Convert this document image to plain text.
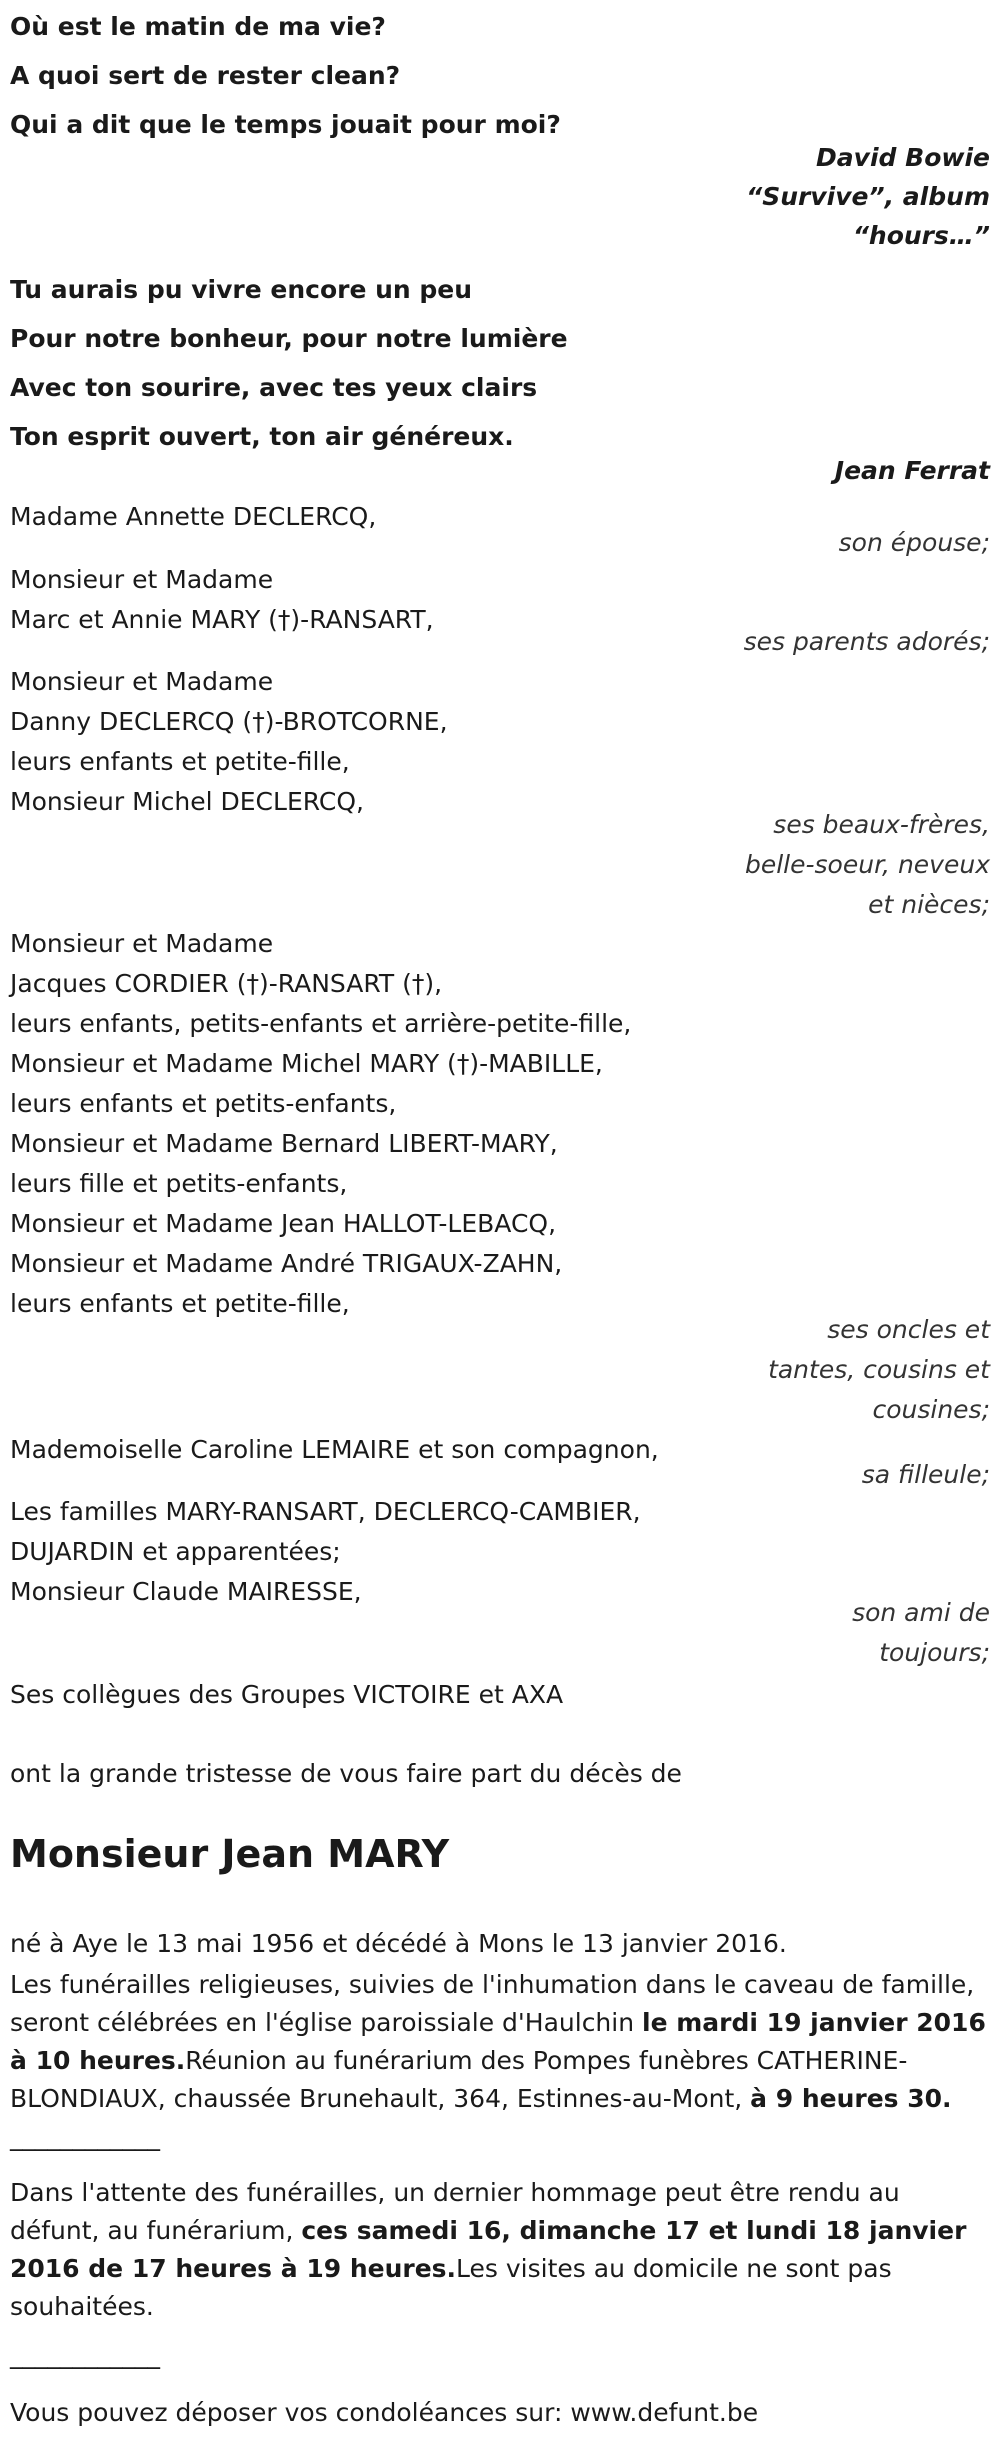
Où est le matin de ma vie?
A quoi sert de rester clean?
Qui a dit que le temps jouait pour moi?
David Bowie
“Survive”, album
“hours…”
Tu aurais pu vivre encore un peu
Pour notre bonheur, pour notre lumière
Avec ton sourire, avec tes yeux clairs
Ton esprit ouvert, ton air généreux.
Jean Ferrat
Madame Annette DECLERCQ,
son épouse;
Monsieur et Madame
Marc et Annie MARY (†)-RANSART,
ses parents adorés;
Monsieur et Madame
Danny DECLERCQ (†)-BROTCORNE,
leurs enfants et petite-fille,
Monsieur Michel DECLERCQ,
ses beaux-frères,
belle-soeur, neveux
et nièces;
Monsieur et Madame
Jacques CORDIER (†)-RANSART (†),
leurs enfants, petits-enfants et arrière-petite-fille,
Monsieur et Madame Michel MARY (†)-MABILLE,
leurs enfants et petits-enfants,
Monsieur et Madame Bernard LIBERT-MARY,
leurs fille et petits-enfants,
Monsieur et Madame Jean HALLOT-LEBACQ,
Monsieur et Madame André TRIGAUX-ZAHN,
leurs enfants et petite-fille,
ses oncles et
tantes, cousins et
cousines;
Mademoiselle Caroline LEMAIRE et son compagnon,
sa filleule;
Les familles MARY-RANSART, DECLERCQ-CAMBIER,
DUJARDIN et apparentées;
Monsieur Claude MAIRESSE,
son ami de
toujours;
Ses collègues des Groupes VICTOIRE et AXA
ont la grande tristesse de vous faire part du décès de
Monsieur Jean MARY
né à Aye le 13 mai 1956 et décédé à Mons le 13 janvier 2016.
Les funérailles religieuses, suivies de l'inhumation dans le caveau de famille, seront célébrées en l'église paroissiale d'Haulchin le mardi 19 janvier 2016 à 10 heures.Réunion au funérarium des Pompes funèbres CATHERINE-BLONDIAUX, chaussée Brunehault, 364, Estinnes-au-Mont, à 9 heures 30. ____________
Dans l'attente des funérailles, un dernier hommage peut être rendu au défunt, au funérarium, ces samedi 16, dimanche 17 et lundi 18 janvier 2016 de 17 heures à 19 heures.Les visites au domicile ne sont pas souhaitées.
____________
Vous pouvez déposer vos condoléances sur: www.defunt.be
